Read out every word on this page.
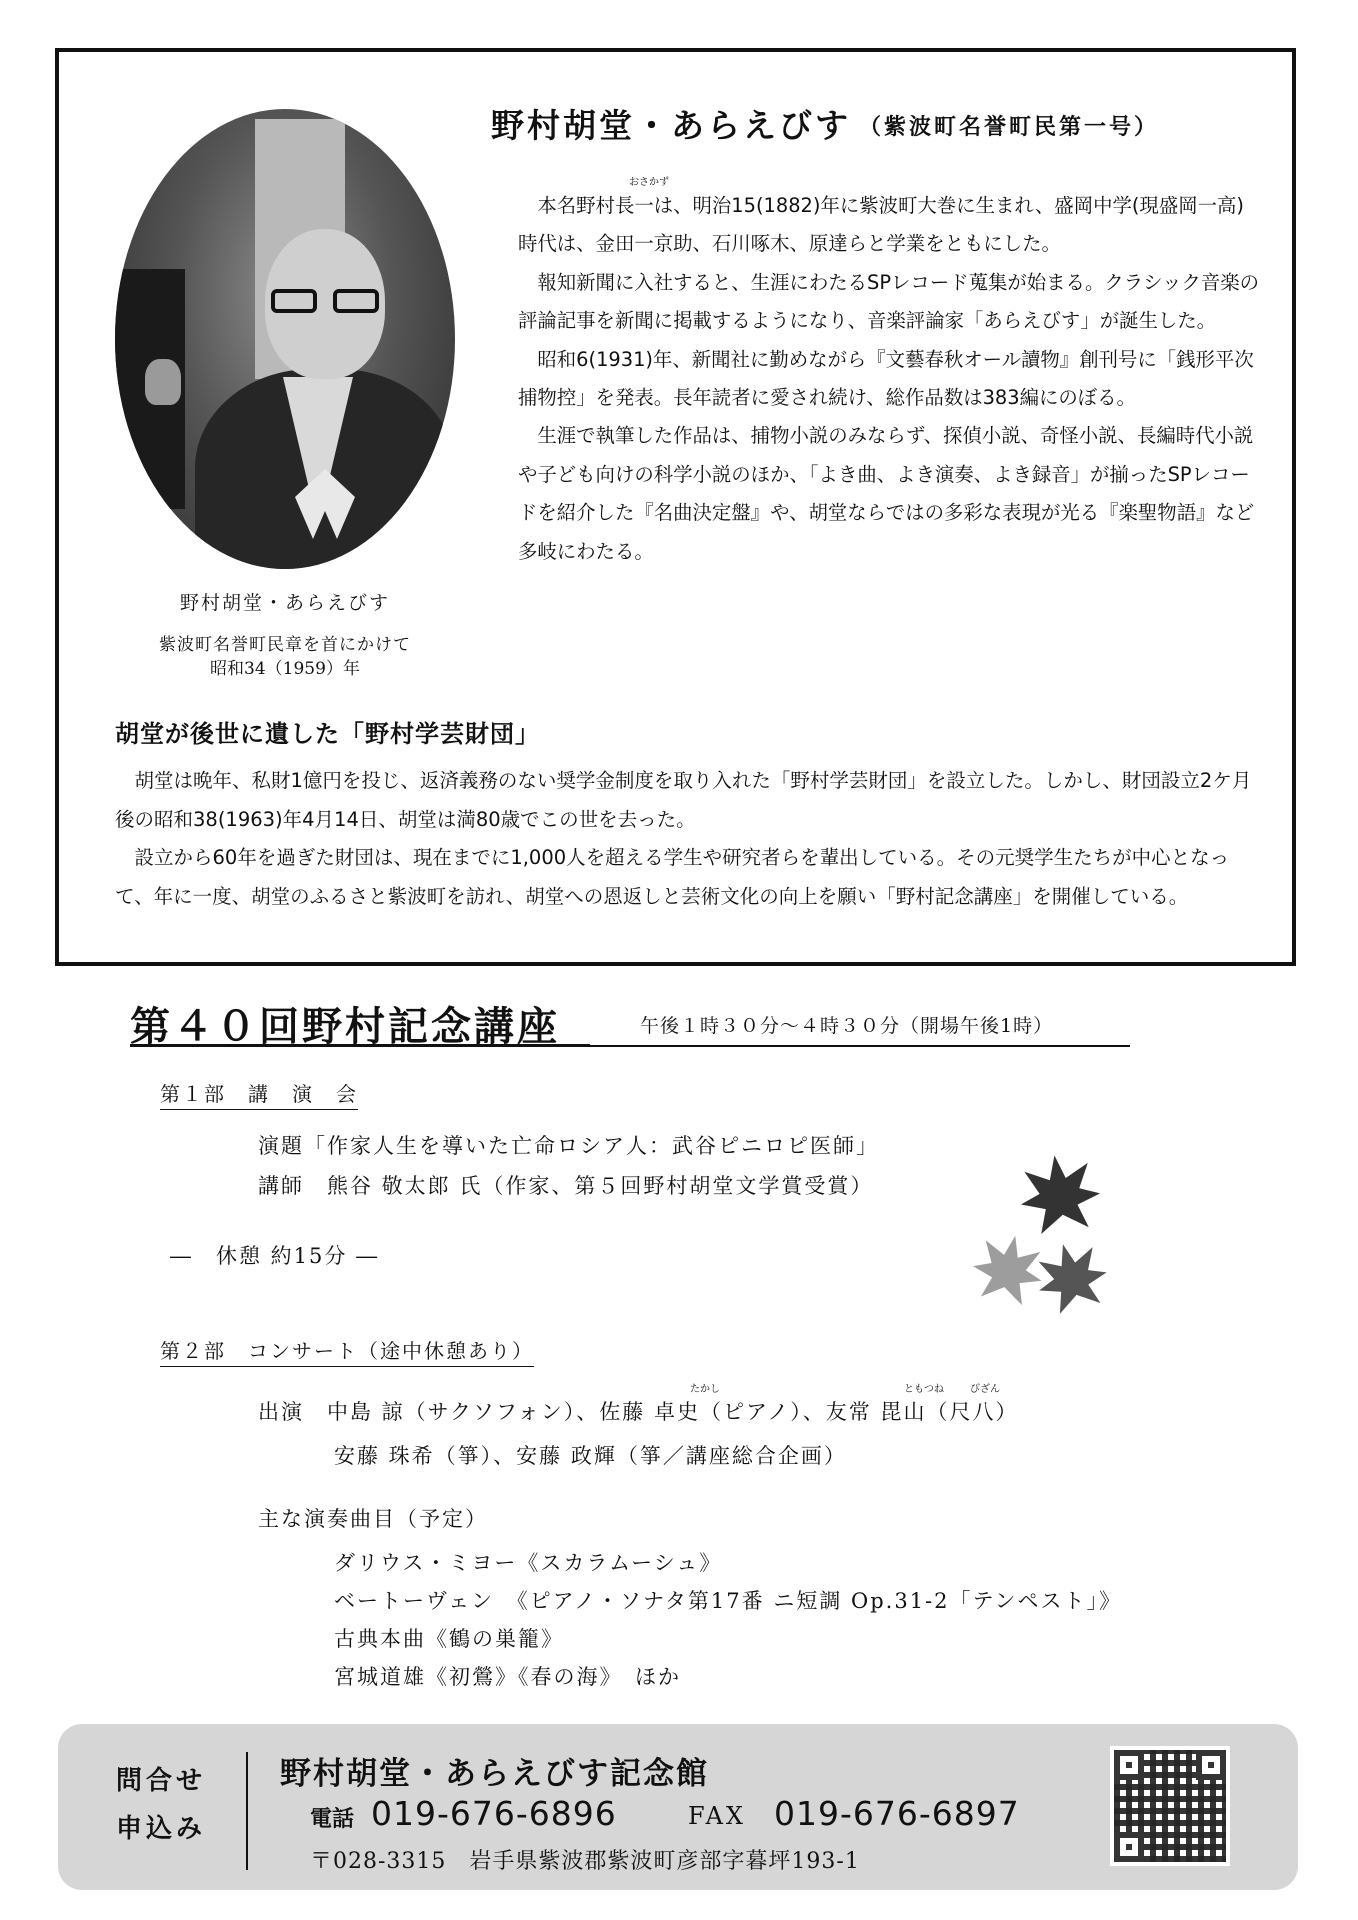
野村胡堂・あらえびす
紫波町名誉町民章を首にかけて
昭和34（1959）年
野村胡堂・あらえびす （紫波町名誉町民第一号）
おさかず

本名野村長一は、明治15(1882)年に紫波町大巻に生まれ、盛岡中学(現盛岡一高)時代は、金田一京助、石川啄木、原達らと学業をともにした。

報知新聞に入社すると、生涯にわたるSPレコード蒐集が始まる。クラシック音楽の評論記事を新聞に掲載するようになり、音楽評論家「あらえびす」が誕生した。

昭和6(1931)年、新聞社に勤めながら『文藝春秋オール讀物』創刊号に「銭形平次捕物控」を発表。長年読者に愛され続け、総作品数は383編にのぼる。

生涯で執筆した作品は、捕物小説のみならず、探偵小説、奇怪小説、長編時代小説や子ども向けの科学小説のほか、「よき曲、よき演奏、よき録音」が揃ったSPレコードを紹介した『名曲決定盤』や、胡堂ならではの多彩な表現が光る『楽聖物語』など多岐にわたる。

胡堂が後世に遺した「野村学芸財団」

胡堂は晩年、私財1億円を投じ、返済義務のない奨学金制度を取り入れた「野村学芸財団」を設立した。しかし、財団設立2ケ月後の昭和38(1963)年4月14日、胡堂は満80歳でこの世を去った。

設立から60年を過ぎた財団は、現在までに1,000人を超える学生や研究者らを輩出している。その元奨学生たちが中心となって、年に一度、胡堂のふるさと紫波町を訪れ、胡堂への恩返しと芸術文化の向上を願い「野村記念講座」を開催している。

第４０回野村記念講座	午後１時３０分～４時３０分（開場午後1時）
第１部　講　演　会
演題「作家人生を導いた亡命ロシア人：武谷ピニロピ医師」
講師　熊谷 敬太郎 氏（作家、第５回野村胡堂文学賞受賞）
―　休憩 約15分 ―
第２部　コンサート（途中休憩あり）
たかし	ともつね	びざん
出演　中島 諒（サクソフォン）、佐藤 卓史（ピアノ）、友常 毘山（尺八）
安藤 珠希（箏）、安藤 政輝（箏／講座総合企画）
主な演奏曲目（予定）
ダリウス・ミヨー《スカラムーシュ》
ベートーヴェン　《ピアノ・ソナタ第17番 ニ短調 Op.31-2「テンペスト」》
古典本曲《鶴の巣籠》
宮城道雄《初鶯》《春の海》　ほか
問合せ
申込み
野村胡堂・あらえびす記念館
電話 019-676-6896	FAX 019-676-6897
〒028-3315　岩手県紫波郡紫波町彦部字暮坪193-1
